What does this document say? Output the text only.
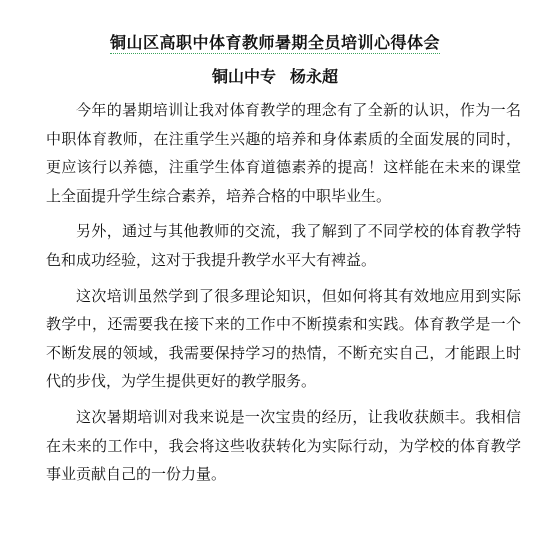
铜山区高职中体育教师暑期全员培训心得体会
铜山中专 杨永超

今年的暑期培训让我对体育教学的理念有了全新的认识，作为一名中职体育教师，在注重学生兴趣的培养和身体素质的全面发展的同时，更应该行以养德，注重学生体育道德素养的提高！这样能在未来的课堂上全面提升学生综合素养，培养合格的中职毕业生。

另外，通过与其他教师的交流，我了解到了不同学校的体育教学特色和成功经验，这对于我提升教学水平大有裨益。

这次培训虽然学到了很多理论知识，但如何将其有效地应用到实际教学中，还需要我在接下来的工作中不断摸索和实践。体育教学是一个不断发展的领域，我需要保持学习的热情，不断充实自己，才能跟上时代的步伐，为学生提供更好的教学服务。

这次暑期培训对我来说是一次宝贵的经历，让我收获颇丰。我相信在未来的工作中，我会将这些收获转化为实际行动，为学校的体育教学事业贡献自己的一份力量。
